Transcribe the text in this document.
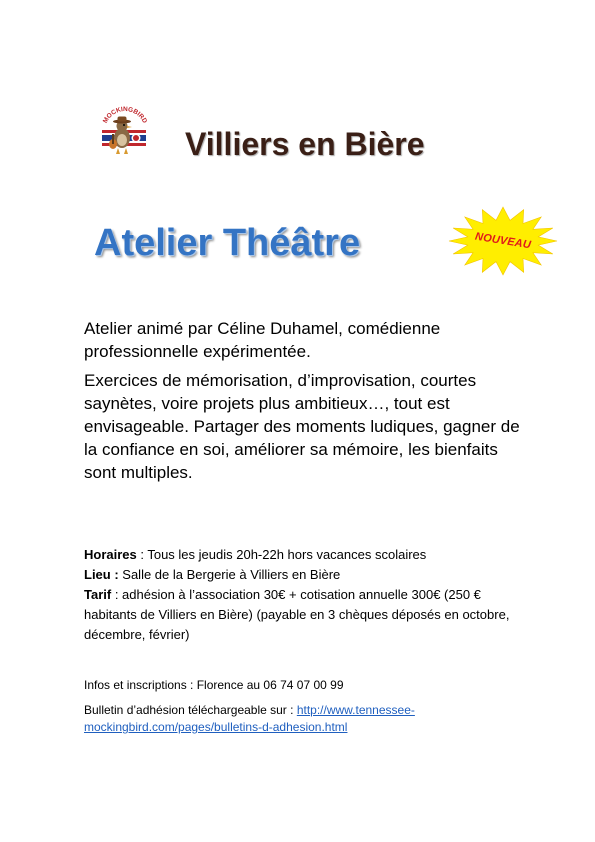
MOCKINGBIRD
Villiers en Bière
Atelier Théâtre	NOUVEAU

Atelier animé par Céline Duhamel, comédienne professionnelle expérimentée.

Exercices de mémorisation, d’improvisation, courtes saynètes, voire projets plus ambitieux…, tout est envisageable. Partager des moments ludiques, gagner de la confiance en soi, améliorer sa mémoire, les bienfaits sont multiples.

Horaires : Tous les jeudis 20h-22h hors vacances scolaires

Lieu : Salle de la Bergerie à Villiers en Bière

Tarif : adhésion à l’association 30€ + cotisation annuelle 300€ (250 € habitants de Villiers en Bière) (payable en 3 chèques déposés en octobre, décembre, février)

Infos et inscriptions : Florence au 06 74 07 00 99

Bulletin d’adhésion téléchargeable sur : http://www.tennessee-mockingbird.com/pages/bulletins-d-adhesion.html
